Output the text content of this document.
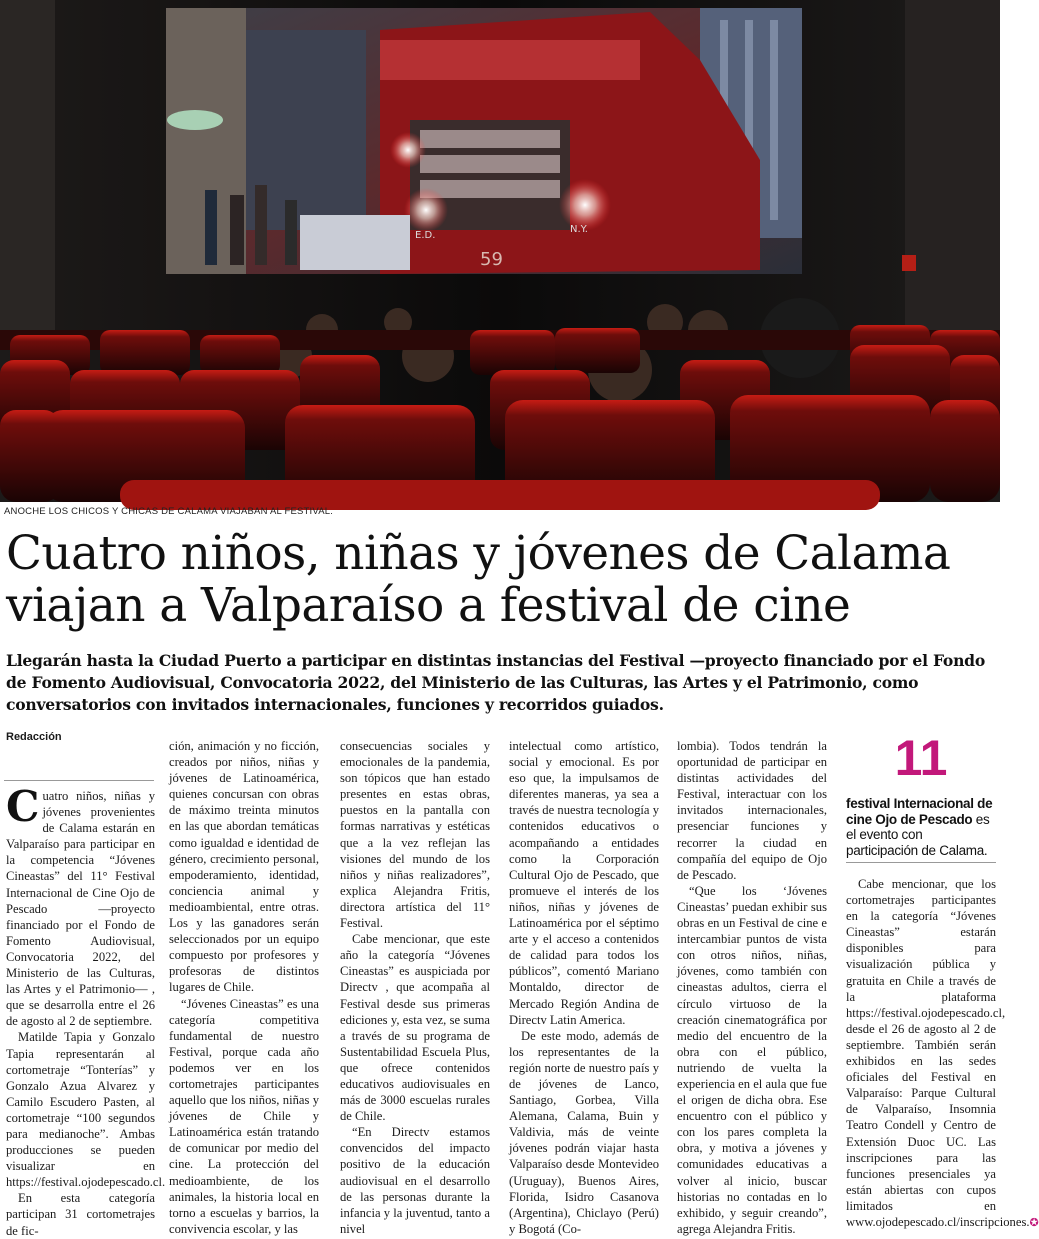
59
E.D.
N.Y.
ANOCHE LOS CHICOS Y CHICAS DE CALAMA VIAJABAN AL FESTIVAL.
Cuatro niños, niñas y jóvenes de Calama viajan a Valparaíso a festival de cine

Llegarán hasta la Ciudad Puerto a participar en distintas instancias del Festival —proyecto financiado por el Fondo de Fomento Audiovisual, Convocatoria 2022, del Ministerio de las Culturas, las Artes y el Patrimonio, como conversatorios con invitados internacionales, funciones y recorridos guiados.

Redacción

Cuatro niños, niñas y jóvenes provenientes de Calama estarán en Valparaíso para participar en la competencia “Jóvenes Cineastas” del 11° Festival Internacional de Cine Ojo de Pescado —proyecto financiado por el Fondo de Fomento Audiovisual, Convocatoria 2022, del Ministerio de las Culturas, las Artes y el Patrimonio— , que se desarrolla entre el 26 de agosto al 2 de septiembre.

Matilde Tapia y Gonzalo Tapia representarán al cortometraje “Tonterías” y Gonzalo Azua Alvarez y Camilo Escudero Pasten, al cortometraje “100 segundos para medianoche”. Ambas producciones se pueden visualizar en https://festival.ojodepescado.cl.

En esta categoría participan 31 cortometrajes de fic-

ción, animación y no ficción, creados por niños, niñas y jóvenes de Latinoamérica, quienes concursan con obras de máximo treinta minutos en las que abordan temáticas como igualdad e identidad de género, crecimiento personal, empoderamiento, identidad, conciencia animal y medioambiental, entre otras. Los y las ganadores serán seleccionados por un equipo compuesto por profesores y profesoras de distintos lugares de Chile.

“Jóvenes Cineastas” es una categoría competitiva fundamental de nuestro Festival, porque cada año podemos ver en los cortometrajes participantes aquello que los niños, niñas y jóvenes de Chile y Latinoamérica están tratando de comunicar por medio del cine. La protección del medioambiente, de los animales, la historia local en torno a escuelas y barrios, la convivencia escolar, y las

consecuencias sociales y emocionales de la pandemia, son tópicos que han estado presentes en estas obras, puestos en la pantalla con formas narrativas y estéticas que a la vez reflejan las visiones del mundo de los niños y niñas realizadores”, explica Alejandra Fritis, directora artística del 11° Festival.

Cabe mencionar, que este año la categoría “Jóvenes Cineastas” es auspiciada por Directv , que acompaña al Festival desde sus primeras ediciones y, esta vez, se suma a través de su programa de Sustentabilidad Escuela Plus, que ofrece contenidos educativos audiovisuales en más de 3000 escuelas rurales de Chile.

“En Directv estamos convencidos del impacto positivo de la educación audiovisual en el desarrollo de las personas durante la infancia y la juventud, tanto a nivel

intelectual como artístico, social y emocional. Es por eso que, la impulsamos de diferentes maneras, ya sea a través de nuestra tecnología y contenidos educativos o acompañando a entidades como la Corporación Cultural Ojo de Pescado, que promueve el interés de los niños, niñas y jóvenes de Latinoamérica por el séptimo arte y el acceso a contenidos de calidad para todos los públicos”, comentó Mariano Montaldo, director de Mercado Región Andina de Directv Latin America.

De este modo, además de los representantes de la región norte de nuestro país y de jóvenes de Lanco, Santiago, Gorbea, Villa Alemana, Calama, Buin y Valdivia, más de veinte jóvenes podrán viajar hasta Valparaíso desde Montevideo (Uruguay), Buenos Aires, Florida, Isidro Casanova (Argentina), Chiclayo (Perú) y Bogotá (Co-

lombia). Todos tendrán la oportunidad de participar en distintas actividades del Festival, interactuar con los invitados internacionales, presenciar funciones y recorrer la ciudad en compañía del equipo de Ojo de Pescado.

“Que los ‘Jóvenes Cineastas’ puedan exhibir sus obras en un Festival de cine e intercambiar puntos de vista con otros niños, niñas, jóvenes, como también con cineastas adultos, cierra el círculo virtuoso de la creación cinematográfica por medio del encuentro de la obra con el público, nutriendo de vuelta la experiencia en el aula que fue el origen de dicha obra. Ese encuentro con el público y con los pares completa la obra, y motiva a jóvenes y comunidades educativas a volver al inicio, buscar historias no contadas en lo exhibido, y seguir creando”, agrega Alejandra Fritis.

11

festival Internacional de cine Ojo de Pescado es el evento con participación de Calama.

Cabe mencionar, que los cortometrajes participantes en la categoría “Jóvenes Cineastas” estarán disponibles para visualización pública y gratuita en Chile a través de la plataforma https://festival.ojodepescado.cl, desde el 26 de agosto al 2 de septiembre. También serán exhibidos en las sedes oficiales del Festival en Valparaíso: Parque Cultural de Valparaíso, Insomnia Teatro Condell y Centro de Extensión Duoc UC. Las inscripciones para las funciones presenciales ya están abiertas con cupos limitados en www.ojodepescado.cl/inscripciones.✪
